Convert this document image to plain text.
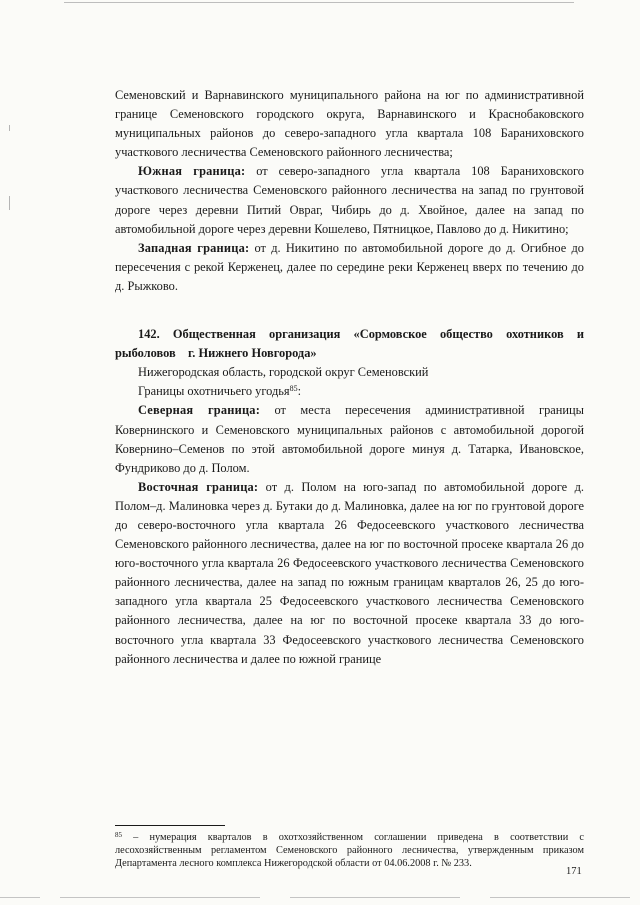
Семеновский и Варнавинского муниципального района на юг по административной границе Семеновского городского округа, Варнавинского и Краснобаковского муниципальных районов до северо-западного угла квартала 108 Бараниховского участкового лесничества Семеновского районного лесничества;

Южная граница: от северо-западного угла квартала 108 Бараниховского участкового лесничества Семеновского районного лесничества на запад по грунтовой дороге через деревни Питий Овраг, Чибирь до д. Хвойное, далее на запад по автомобильной дороге через деревни Кошелево, Пятницкое, Павлово до д. Никитино;

Западная граница: от д. Никитино по автомобильной дороге до д. Огибное до пересечения с рекой Керженец, далее по середине реки Керженец вверх по течению до д. Рыжково.

142. Общественная организация «Сормовское общество охотников и рыболовов    г. Нижнего Новгорода»

Нижегородская область, городской округ Семеновский

Границы охотничьего угодья$^{85}$:

Северная граница: от места пересечения административной границы Ковернинского и Семеновского муниципальных районов с автомобильной дорогой Ковернино–Семенов по этой автомобильной дороге минуя д. Татарка, Ивановское, Фундриково до д. Полом.

Восточная граница: от д. Полом на юго-запад по автомобильной дороге д. Полом–д. Малиновка через д. Бутаки до д. Малиновка, далее на юг по грунтовой дороге до северо-восточного угла квартала 26 Федосеевского участкового лесничества Семеновского районного лесничества, далее на юг по восточной просеке квартала 26 до юго-восточного угла квартала 26 Федосеевского участкового лесничества Семеновского районного лесничества, далее на запад по южным границам кварталов 26, 25 до юго-западного угла квартала 25 Федосеевского участкового лесничества Семеновского районного лесничества, далее на юг по восточной просеке квартала 33 до юго-восточного угла квартала 33 Федосеевского участкового лесничества Семеновского районного лесничества и далее по южной границе

$^{85}$ – нумерация кварталов в охотхозяйственном соглашении приведена в соответствии с лесохозяйственным регламентом Семеновского районного лесничества, утвержденным приказом Департамента лесного комплекса Нижегородской области от 04.06.2008 г. № 233.
171
